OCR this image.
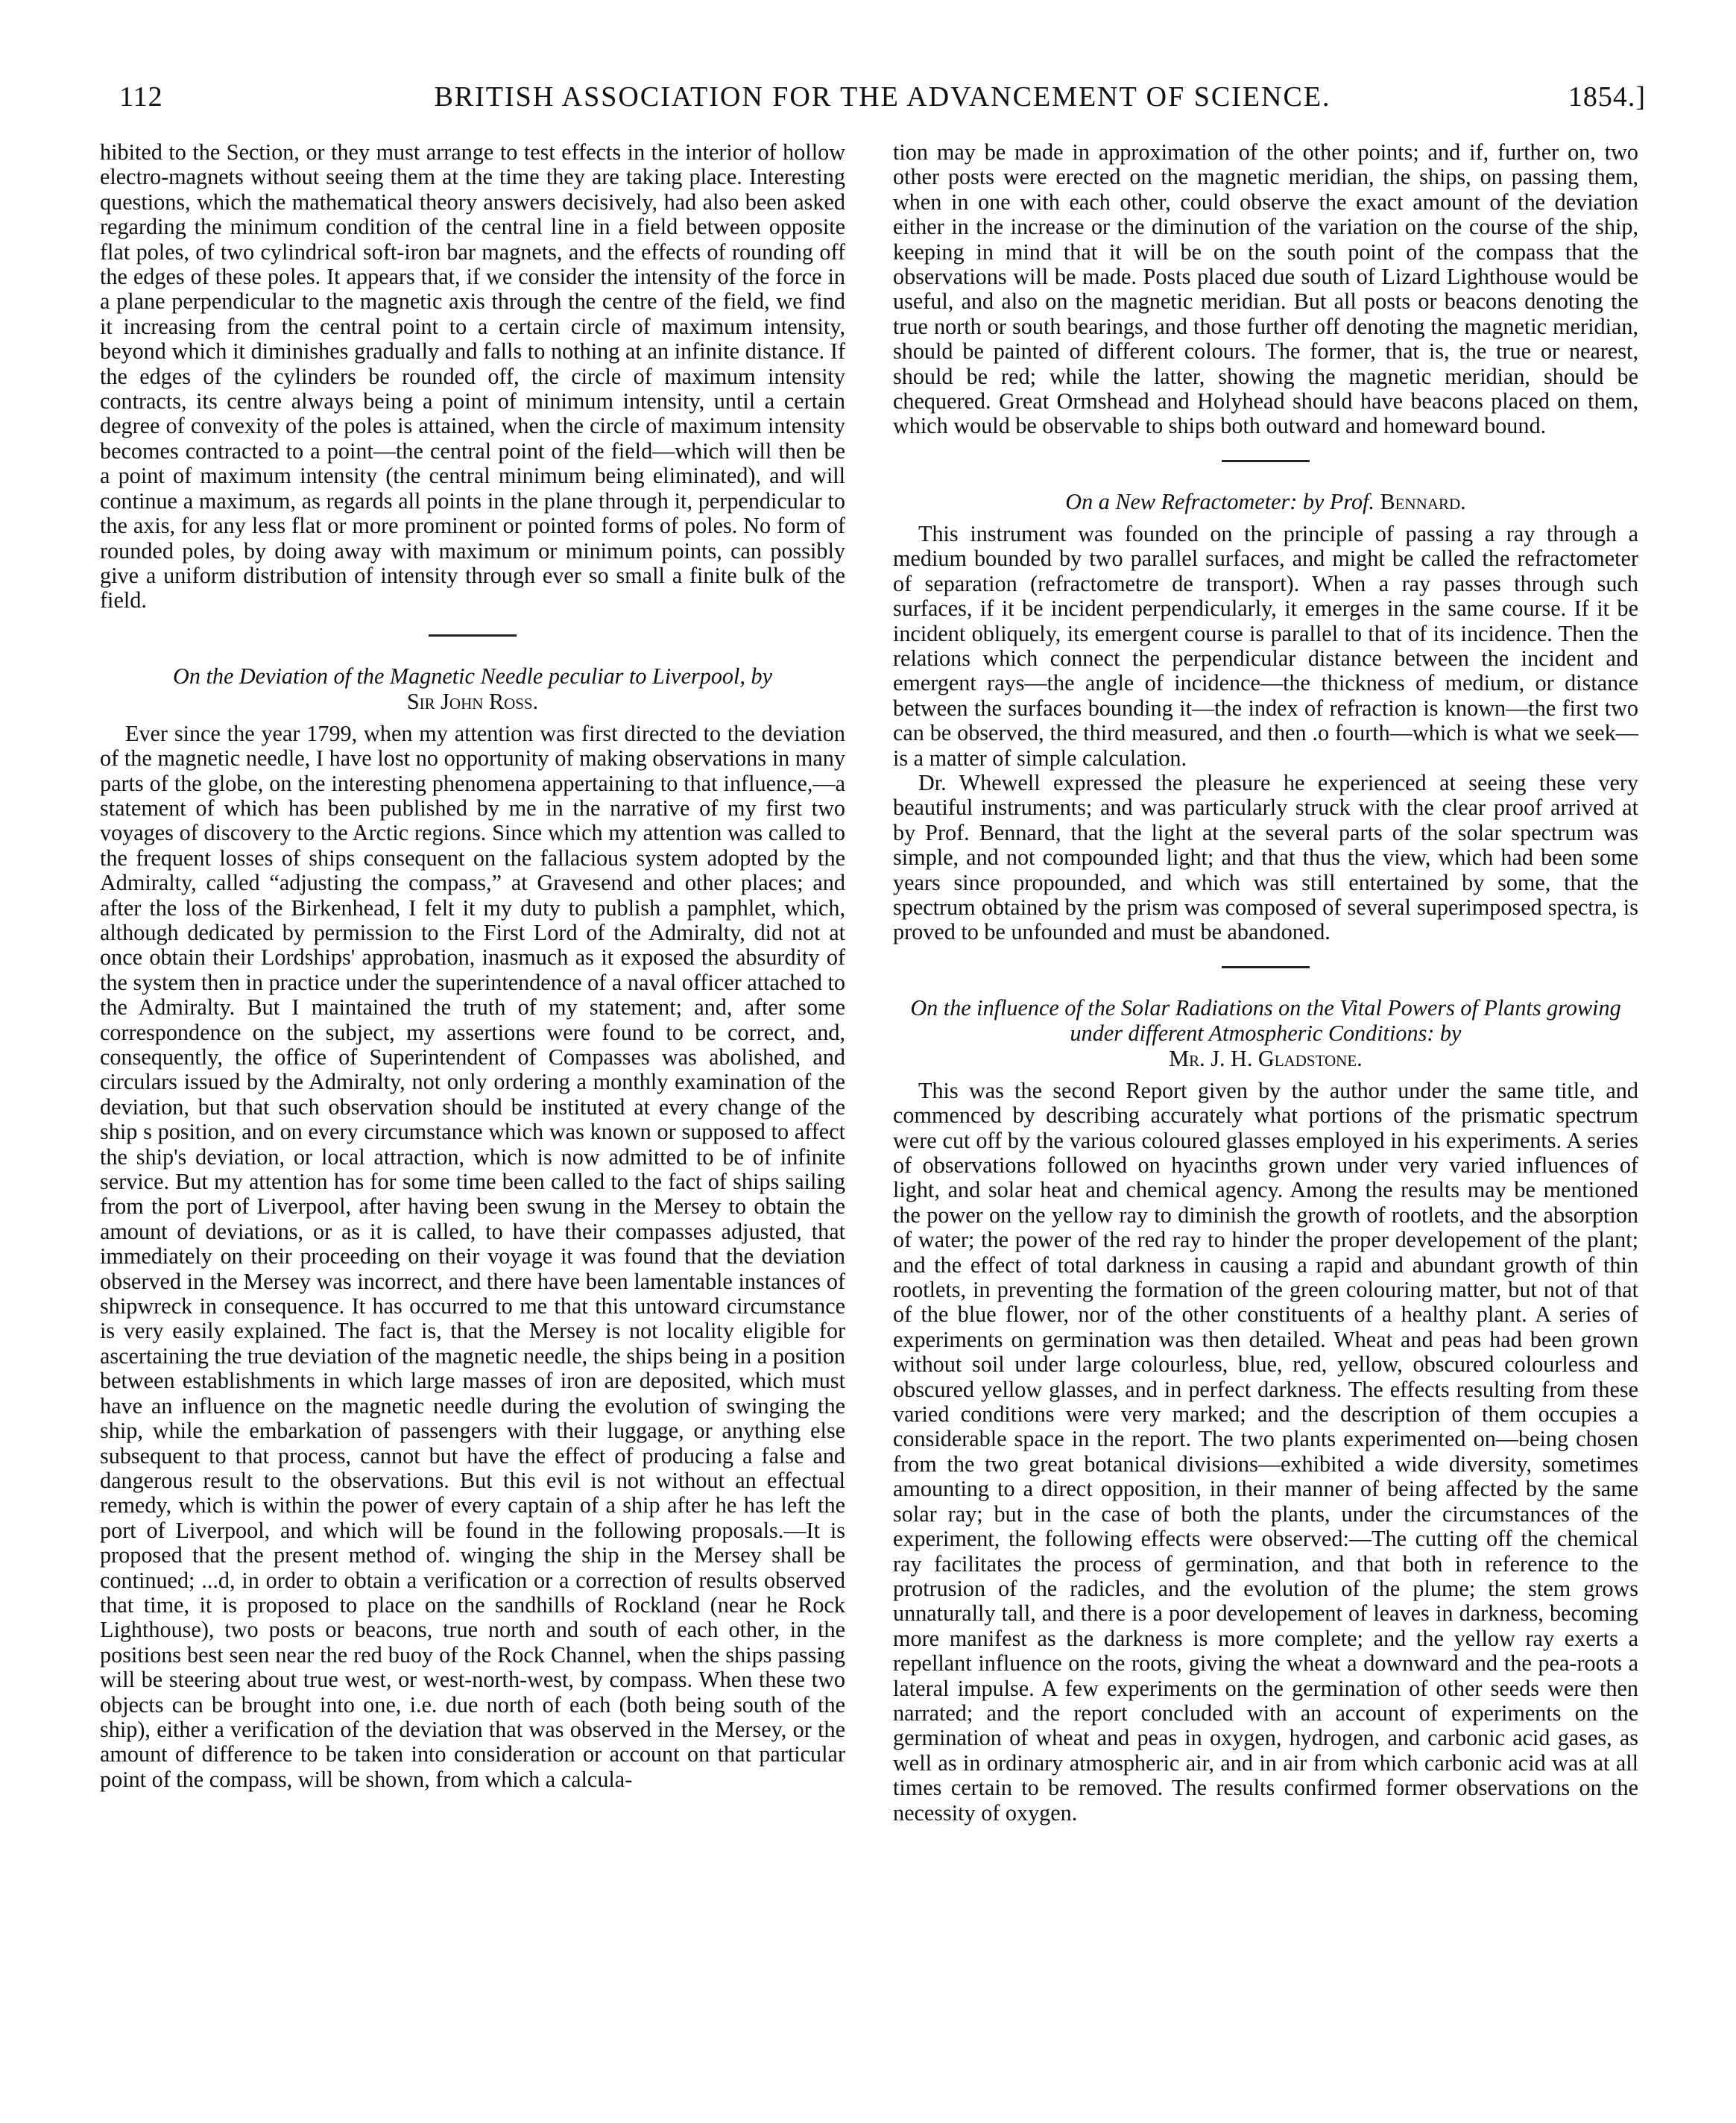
112	BRITISH ASSOCIATION FOR THE ADVANCEMENT OF SCIENCE.	1854.]

hibited to the Section, or they must arrange to test effects in the interior of hollow electro-magnets without seeing them at the time they are taking place. Interesting questions, which the mathematical theory answers decisively, had also been asked regarding the minimum condition of the central line in a field between opposite flat poles, of two cylindrical soft-iron bar magnets, and the effects of rounding off the edges of these poles. It appears that, if we consider the intensity of the force in a plane perpendicular to the magnetic axis through the centre of the field, we find it increasing from the central point to a certain circle of maximum intensity, beyond which it diminishes gradually and falls to nothing at an infinite distance. If the edges of the cylinders be rounded off, the circle of maximum intensity contracts, its centre always being a point of minimum intensity, until a certain degree of convexity of the poles is attained, when the circle of maximum intensity becomes contracted to a point—the central point of the field—which will then be a point of maximum intensity (the central minimum being eliminated), and will continue a maximum, as regards all points in the plane through it, perpendicular to the axis, for any less flat or more prominent or pointed forms of poles. No form of rounded poles, by doing away with maximum or minimum points, can possibly give a uniform distribution of intensity through ever so small a finite bulk of the field.

On the Deviation of the Magnetic Needle peculiar to Liverpool, by
Sir John Ross.

Ever since the year 1799, when my attention was first directed to the deviation of the magnetic needle, I have lost no opportunity of making observations in many parts of the globe, on the interesting phenomena appertaining to that influence,—a statement of which has been published by me in the narrative of my first two voyages of discovery to the Arctic regions. Since which my attention was called to the frequent losses of ships consequent on the fallacious system adopted by the Admiralty, called “adjusting the compass,” at Gravesend and other places; and after the loss of the Birkenhead, I felt it my duty to publish a pamphlet, which, although dedicated by permission to the First Lord of the Admiralty, did not at once obtain their Lordships' approbation, inasmuch as it exposed the absurdity of the system then in practice under the superintendence of a naval officer attached to the Admiralty. But I maintained the truth of my statement; and, after some correspondence on the subject, my assertions were found to be correct, and, consequently, the office of Superintendent of Compasses was abolished, and circulars issued by the Admiralty, not only ordering a monthly examination of the deviation, but that such observation should be instituted at every change of the ship s position, and on every circumstance which was known or supposed to affect the ship's deviation, or local attraction, which is now admitted to be of infinite service. But my attention has for some time been called to the fact of ships sailing from the port of Liverpool, after having been swung in the Mersey to obtain the amount of deviations, or as it is called, to have their compasses adjusted, that immediately on their proceeding on their voyage it was found that the deviation observed in the Mersey was incorrect, and there have been lamentable instances of shipwreck in consequence. It has occurred to me that this untoward circumstance is very easily explained. The fact is, that the Mersey is not locality eligible for ascertaining the true deviation of the magnetic needle, the ships being in a position between establishments in which large masses of iron are deposited, which must have an influence on the magnetic needle during the evolution of swinging the ship, while the embarkation of passengers with their luggage, or anything else subsequent to that process, cannot but have the effect of producing a false and dangerous result to the observations. But this evil is not without an effectual remedy, which is within the power of every captain of a ship after he has left the port of Liverpool, and which will be found in the following proposals.—It is proposed that the present method of. winging the ship in the Mersey shall be continued; ...d, in order to obtain a verification or a correction of results observed that time, it is proposed to place on the sandhills of Rockland (near he Rock Lighthouse), two posts or beacons, true north and south of each other, in the positions best seen near the red buoy of the Rock Channel, when the ships passing will be steering about true west, or west-north-west, by compass. When these two objects can be brought into one, i.e. due north of each (both being south of the ship), either a verification of the deviation that was observed in the Mersey, or the amount of difference to be taken into consideration or account on that particular point of the compass, will be shown, from which a calcula-

tion may be made in approximation of the other points; and if, further on, two other posts were erected on the magnetic meridian, the ships, on passing them, when in one with each other, could observe the exact amount of the deviation either in the increase or the diminution of the variation on the course of the ship, keeping in mind that it will be on the south point of the compass that the observations will be made. Posts placed due south of Lizard Lighthouse would be useful, and also on the magnetic meridian. But all posts or beacons denoting the true north or south bearings, and those further off denoting the magnetic meridian, should be painted of different colours. The former, that is, the true or nearest, should be red; while the latter, showing the magnetic meridian, should be chequered. Great Ormshead and Holyhead should have beacons placed on them, which would be observable to ships both outward and homeward bound.

On a New Refractometer: by Prof. Bennard.

This instrument was founded on the principle of passing a ray through a medium bounded by two parallel surfaces, and might be called the refractometer of separation (refractometre de transport). When a ray passes through such surfaces, if it be incident perpendicularly, it emerges in the same course. If it be incident obliquely, its emergent course is parallel to that of its incidence. Then the relations which connect the perpendicular distance between the incident and emergent rays—the angle of incidence—the thickness of medium, or distance between the surfaces bounding it—the index of refraction is known—the first two can be observed, the third measured, and then .o fourth—which is what we seek—is a matter of simple calculation.

Dr. Whewell expressed the pleasure he experienced at seeing these very beautiful instruments; and was particularly struck with the clear proof arrived at by Prof. Bennard, that the light at the several parts of the solar spectrum was simple, and not compounded light; and that thus the view, which had been some years since propounded, and which was still entertained by some, that the spectrum obtained by the prism was composed of several superimposed spectra, is proved to be unfounded and must be abandoned.

On the influence of the Solar Radiations on the Vital Powers of Plants growing under different Atmospheric Conditions: by
Mr. J. H. Gladstone.

This was the second Report given by the author under the same title, and commenced by describing accurately what portions of the prismatic spectrum were cut off by the various coloured glasses employed in his experiments. A series of observations followed on hyacinths grown under very varied influences of light, and solar heat and chemical agency. Among the results may be mentioned the power on the yellow ray to diminish the growth of rootlets, and the absorption of water; the power of the red ray to hinder the proper developement of the plant; and the effect of total darkness in causing a rapid and abundant growth of thin rootlets, in preventing the formation of the green colouring matter, but not of that of the blue flower, nor of the other constituents of a healthy plant. A series of experiments on germination was then detailed. Wheat and peas had been grown without soil under large colourless, blue, red, yellow, obscured colourless and obscured yellow glasses, and in perfect darkness. The effects resulting from these varied conditions were very marked; and the description of them occupies a considerable space in the report. The two plants experimented on—being chosen from the two great botanical divisions—exhibited a wide diversity, sometimes amounting to a direct opposition, in their manner of being affected by the same solar ray; but in the case of both the plants, under the circumstances of the experiment, the following effects were observed:—The cutting off the chemical ray facilitates the process of germination, and that both in reference to the protrusion of the radicles, and the evolution of the plume; the stem grows unnaturally tall, and there is a poor developement of leaves in darkness, becoming more manifest as the darkness is more complete; and the yellow ray exerts a repellant influence on the roots, giving the wheat a downward and the pea-roots a lateral impulse. A few experiments on the germination of other seeds were then narrated; and the report concluded with an account of experiments on the germination of wheat and peas in oxygen, hydrogen, and carbonic acid gases, as well as in ordinary atmospheric air, and in air from which carbonic acid was at all times certain to be removed. The results confirmed former observations on the necessity of oxygen.
